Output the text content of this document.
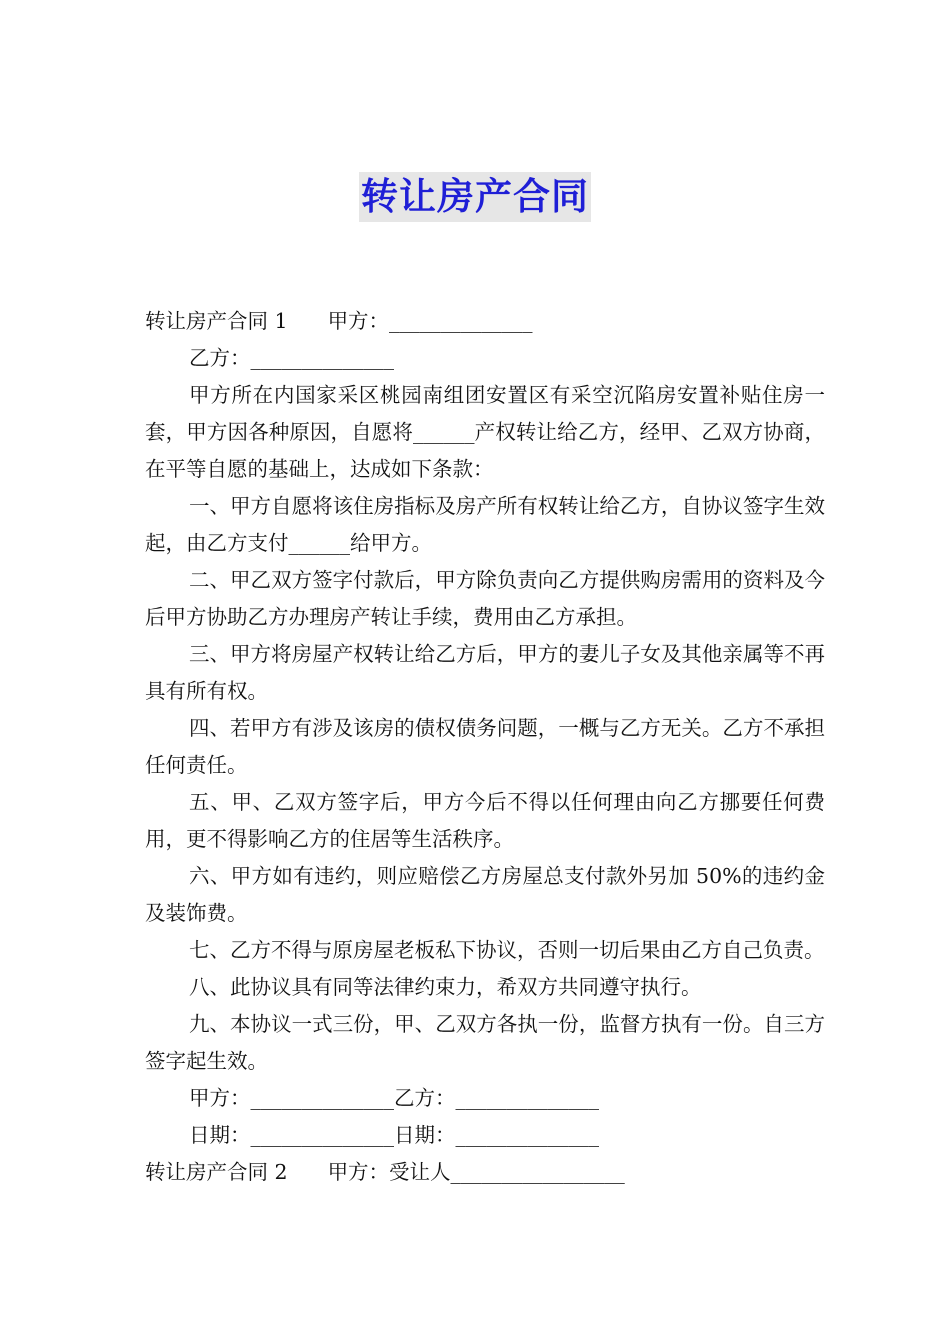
转让房产合同
转让房产合同 1 甲方：______________
乙方：______________
甲方所在内国家采区桃园南组团安置区有采空沉陷房安置补贴住房一套，甲方因各种原因，自愿将______产权转让给乙方，经甲、乙双方协商，在平等自愿的基础上，达成如下条款：
一、甲方自愿将该住房指标及房产所有权转让给乙方，自协议签字生效起，由乙方支付______给甲方。
二、甲乙双方签字付款后，甲方除负责向乙方提供购房需用的资料及今后甲方协助乙方办理房产转让手续，费用由乙方承担。
三、甲方将房屋产权转让给乙方后，甲方的妻儿子女及其他亲属等不再具有所有权。
四、若甲方有涉及该房的债权债务问题，一概与乙方无关。乙方不承担任何责任。
五、甲、乙双方签字后，甲方今后不得以任何理由向乙方挪要任何费用，更不得影响乙方的住居等生活秩序。
六、甲方如有违约，则应赔偿乙方房屋总支付款外另加 50%的违约金及装饰费。
七、乙方不得与原房屋老板私下协议，否则一切后果由乙方自己负责。
八、此协议具有同等法律约束力，希双方共同遵守执行。
九、本协议一式三份，甲、乙双方各执一份，监督方执有一份。自三方签字起生效。
甲方：______________乙方：______________
日期：______________日期：______________
转让房产合同 2 甲方：受让人_________________
